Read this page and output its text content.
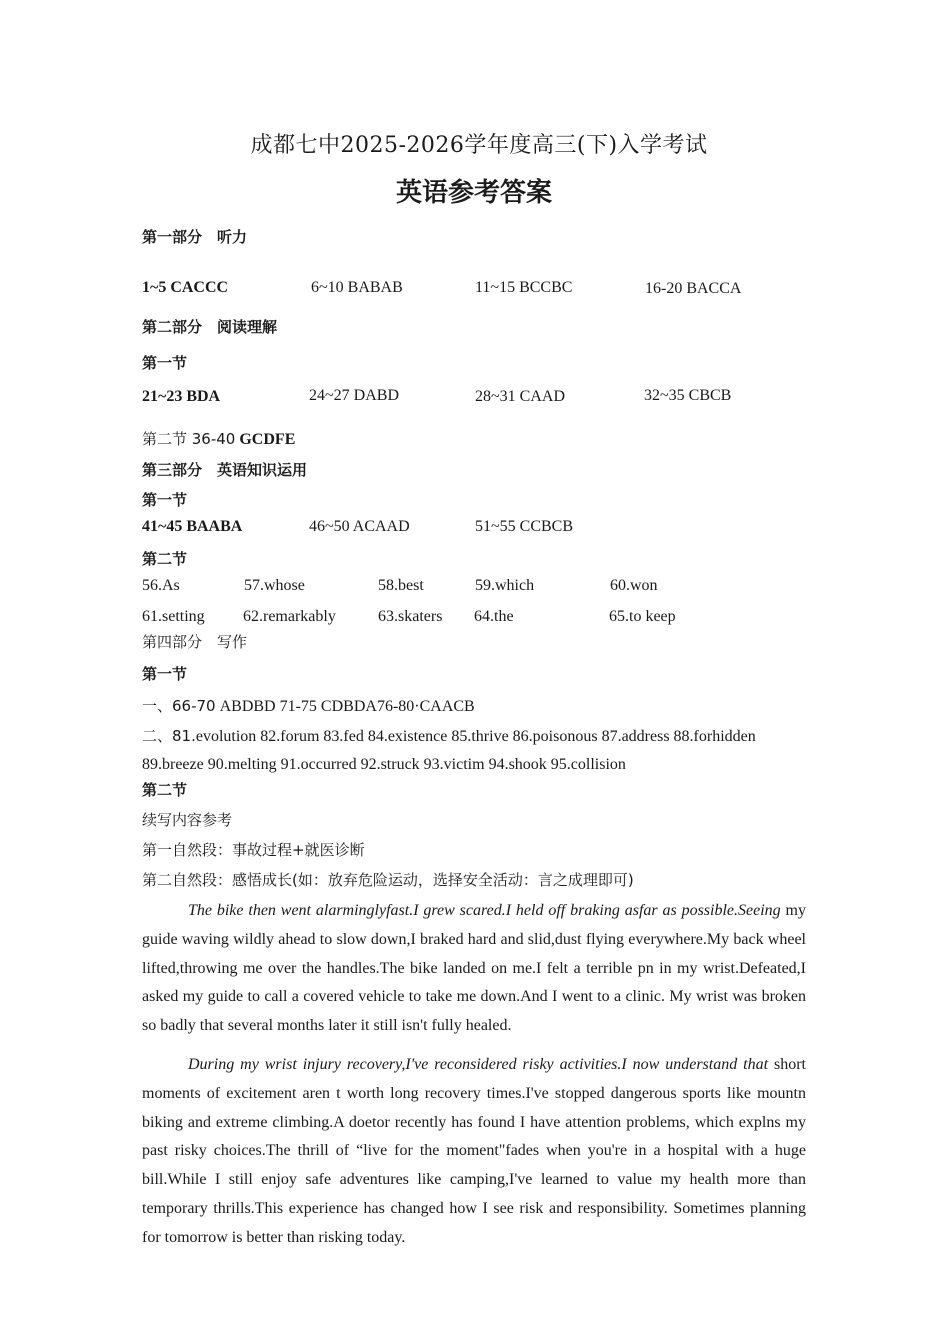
成都七中2025-2026学年度高三(下)入学考试
英语参考答案
第一部分　听力
1~5 CACCC	6~10 BABAB	11~15 BCCBC	16-20 BACCA
第二部分　阅读理解
第一节
21~23 BDA	24~27 DABD	28~31 CAAD	32~35 CBCB
第二节 36-40 GCDFE
第三部分　英语知识运用
第一节
41~45 BAABA	46~50 ACAAD	51~55 CCBCB
第二节
56.As	57.whose	58.best	59.which	60.won
61.setting 62.remarkably	63.skaters 64.the	65.to keep
第四部分　写作
第一节
一、66-70 ABDBD 71-75 CDBDA76-80·CAACB
二、81.evolution 82.forum 83.fed 84.existence 85.thrive 86.poisonous 87.address 88.forhidden
89.breeze 90.melting 91.occurred 92.struck 93.victim 94.shook 95.collision
第二节
续写内容参考
第一自然段：事故过程+就医诊断
第二自然段：感悟成长(如：放弃危险运动，选择安全活动：言之成理即可)

The bike then went alarminglyfast.I grew scared.I held off braking asfar as possible.Seeing my guide waving wildly ahead to slow down,I braked hard and slid,dust flying everywhere.My back wheel lifted,throwing me over the handles.The bike landed on me.I felt a terrible pn in my wrist.Defeated,I asked my guide to call a covered vehicle to take me down.And I went to a clinic. My wrist was broken so badly that several months later it still isn't fully healed.

During my wrist injury recovery,I've reconsidered risky activities.I now understand that short moments of excitement aren t worth long recovery times.I've stopped dangerous sports like mountn biking and extreme climbing.A doetor recently has found I have attention problems, which explns my past risky choices.The thrill of “live for the moment"fades when you're in a hospital with a huge bill.While I still enjoy safe adventures like camping,I've learned to value my health more than temporary thrills.This experience has changed how I see risk and responsibility. Sometimes planning for tomorrow is better than risking today.
